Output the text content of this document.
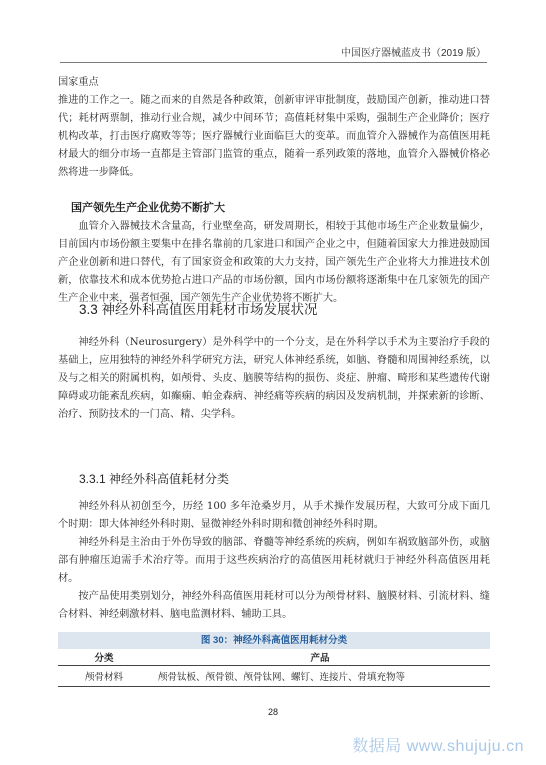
中国医疗器械蓝皮书（2019 版）
国家重点
推进的工作之一。随之而来的自然是各种政策，创新审评审批制度，鼓励国产创新，推动进口替代；耗材两票制，推动行业合规，减少中间环节；高值耗材集中采购，强制生产企业降价；医疗机构改革，打击医疗腐败等等；医疗器械行业面临巨大的变革。而血管介入器械作为高值医用耗材最大的细分市场一直都是主管部门监管的重点，随着一系列政策的落地，血管介入器械价格必然将进一步降低。
国产领先生产企业优势不断扩大
血管介入器械技术含量高，行业壁垒高，研发周期长，相较于其他市场生产企业数量偏少，目前国内市场份额主要集中在排名靠前的几家进口和国产企业之中，但随着国家大力推进鼓励国产企业创新和进口替代，有了国家资金和政策的大力支持，国产领先生产企业将大力推进技术创新，依靠技术和成本优势抢占进口产品的市场份额，国内市场份额将逐渐集中在几家领先的国产生产企业中来，强者恒强，国产领先生产企业优势将不断扩大。
3.3 神经外科高值医用耗材市场发展状况
神经外科（Neurosurgery）是外科学中的一个分支，是在外科学以手术为主要治疗手段的基础上，应用独特的神经外科学研究方法，研究人体神经系统，如脑、脊髓和周围神经系统，以及与之相关的附属机构，如颅骨、头皮、脑膜等结构的损伤、炎症、肿瘤、畸形和某些遗传代谢障碍或功能紊乱疾病，如癫痫、帕金森病、神经痛等疾病的病因及发病机制，并探索新的诊断、治疗、预防技术的一门高、精、尖学科。
3.3.1 神经外科高值耗材分类
神经外科从初创至今，历经 100 多年沧桑岁月，从手术操作发展历程，大致可分成下面几个时期：即大体神经外科时期、显微神经外科时期和微创神经外科时期。
神经外科是主治由于外伤导致的脑部、脊髓等神经系统的疾病，例如车祸致脑部外伤，或脑部有肿瘤压迫需手术治疗等。而用于这些疾病治疗的高值医用耗材就归于神经外科高值医用耗材。
按产品使用类别划分，神经外科高值医用耗材可以分为颅骨材料、脑膜材料、引流材料、缝合材料、神经刺激材料、脑电监测材料、辅助工具。
图 30：神经外科高值医用耗材分类
分类	产品
颅骨材料	颅骨钛板、颅骨锁、颅骨钛网、螺钉、连接片、骨填充物等
28
数据局 www.shujuju.cn
